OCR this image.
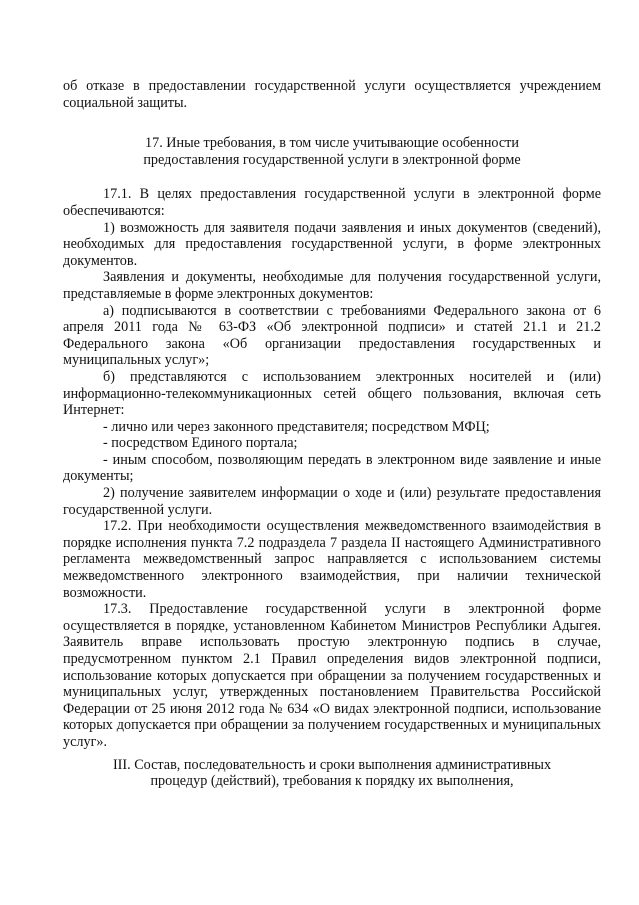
об отказе в предоставлении государственной услуги осуществляется учреждением социальной защиты.

17. Иные требования, в том числе учитывающие особенности

предоставления государственной услуги в электронной форме

17.1. В целях предоставления государственной услуги в электронной форме обеспечиваются:

1) возможность для заявителя подачи заявления и иных документов (сведений), необходимых для предоставления государственной услуги, в форме электронных документов.

Заявления и документы, необходимые для получения государственной услуги, представляемые в форме электронных документов:

а) подписываются в соответствии с требованиями Федерального закона от 6 апреля 2011 года № 63-ФЗ «Об электронной подписи» и статей 21.1 и 21.2 Федерального закона «Об организации предоставления государственных и муниципальных услуг»;

б) представляются с использованием электронных носителей и (или) информационно-телекоммуникационных сетей общего пользования, включая сеть Интернет:

- лично или через законного представителя; посредством МФЦ;

- посредством Единого портала;

- иным способом, позволяющим передать в электронном виде заявление и иные документы;

2) получение заявителем информации о ходе и (или) результате предоставления государственной услуги.

17.2. При необходимости осуществления межведомственного взаимодействия в порядке исполнения пункта 7.2 подраздела 7 раздела II настоящего Административного регламента межведомственный запрос направляется с использованием системы межведомственного электронного взаимодействия, при наличии технической возможности.

17.3. Предоставление государственной услуги в электронной форме осуществляется в порядке, установленном Кабинетом Министров Республики Адыгея. Заявитель вправе использовать простую электронную подпись в случае, предусмотренном пунктом 2.1 Правил определения видов электронной подписи, использование которых допускается при обращении за получением государственных и муниципальных услуг, утвержденных постановлением Правительства Российской Федерации от 25 июня 2012 года № 634 «О видах электронной подписи, использование которых допускается при обращении за получением государственных и муниципальных услуг».

III. Состав, последовательность и сроки выполнения административных

процедур (действий), требования к порядку их выполнения,
